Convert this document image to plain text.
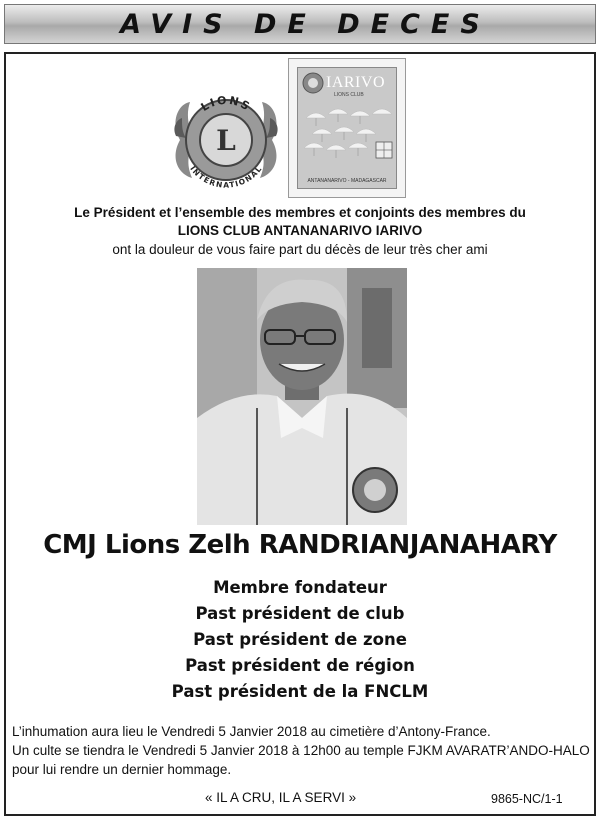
AVIS DE DECES
LIONS
INTERNATIONAL
L
IARIVO
LIONS CLUB
ANTANANARIVO - MADAGASCAR
Le Président et l’ensemble des membres et conjoints des membres du
LIONS CLUB ANTANANARIVO IARIVO
ont la douleur de vous faire part du décès de leur très cher ami
CMJ Lions Zelh RANDRIANJANAHARY
Membre fondateur
Past président de club
Past président de zone
Past président de région
Past président de la FNCLM
L’inhumation aura lieu le Vendredi 5 Janvier 2018 au cimetière d’Antony-France.
Un culte se tiendra le Vendredi 5 Janvier 2018 à 12h00 au temple FJKM AVARATR’ANDO-HALO pour lui rendre un dernier hommage.
« IL A CRU, IL A SERVI »	9865-NC/1-1
